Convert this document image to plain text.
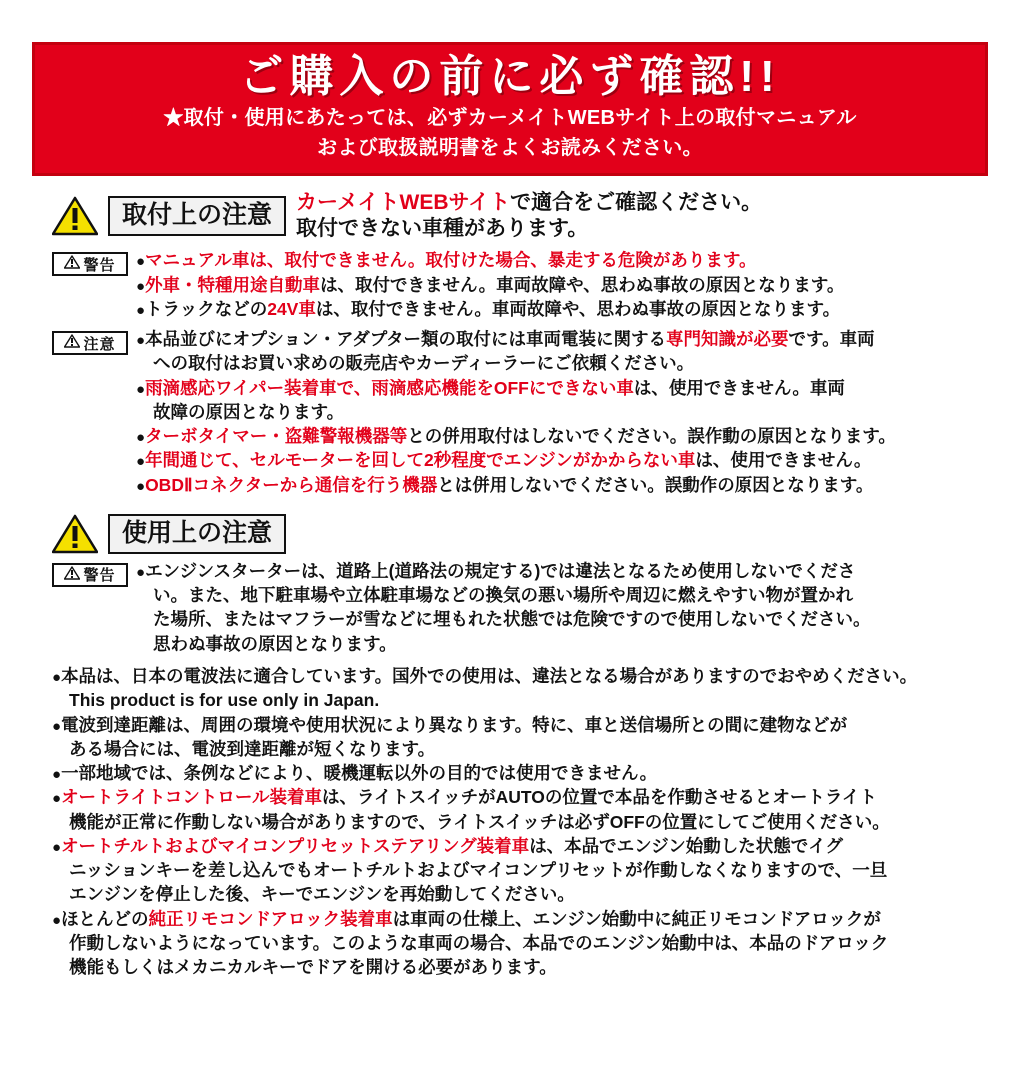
ご購入の前に必ず確認!!
★取付・使用にあたっては、必ずカーメイトWEBサイト上の取付マニュアル
および取扱説明書をよくお読みください。
取付上の注意	カーメイトWEBサイトで適合をご確認ください。
取付できない車種があります。
警告 ●マニュアル車は、取付できません。取付けた場合、暴走する危険があります。
●外車・特種用途自動車は、取付できません。車両故障や、思わぬ事故の原因となります。
●トラックなどの24V車は、取付できません。車両故障や、思わぬ事故の原因となります。
注意 ●本品並びにオプション・アダプター類の取付には車両電装に関する専門知識が必要です。車両
への取付はお買い求めの販売店やカーディーラーにご依頼ください。
●雨滴感応ワイパー装着車で、雨滴感応機能をOFFにできない車は、使用できません。車両
故障の原因となります。
●ターボタイマー・盗難警報機器等との併用取付はしないでください。誤作動の原因となります。
●年間通じて、セルモーターを回して2秒程度でエンジンがかからない車は、使用できません。
●OBDⅡコネクターから通信を行う機器とは併用しないでください。誤動作の原因となります。
使用上の注意
警告 ●エンジンスターターは、道路上(道路法の規定する)では違法となるため使用しないでくださ
い。また、地下駐車場や立体駐車場などの換気の悪い場所や周辺に燃えやすい物が置かれ
た場所、またはマフラーが雪などに埋もれた状態では危険ですので使用しないでください。
思わぬ事故の原因となります。
●本品は、日本の電波法に適合しています。国外での使用は、違法となる場合がありますのでおやめください。
This product is for use only in Japan.
●電波到達距離は、周囲の環境や使用状況により異なります。特に、車と送信場所との間に建物などが
ある場合には、電波到達距離が短くなります。
●一部地域では、条例などにより、暖機運転以外の目的では使用できません。
●オートライトコントロール装着車は、ライトスイッチがAUTOの位置で本品を作動させるとオートライト
機能が正常に作動しない場合がありますので、ライトスイッチは必ずOFFの位置にしてご使用ください。
●オートチルトおよびマイコンプリセットステアリング装着車は、本品でエンジン始動した状態でイグ
ニッションキーを差し込んでもオートチルトおよびマイコンプリセットが作動しなくなりますので、一旦
エンジンを停止した後、キーでエンジンを再始動してください。
●ほとんどの純正リモコンドアロック装着車は車両の仕様上、エンジン始動中に純正リモコンドアロックが
作動しないようになっています。このような車両の場合、本品でのエンジン始動中は、本品のドアロック
機能もしくはメカニカルキーでドアを開ける必要があります。
